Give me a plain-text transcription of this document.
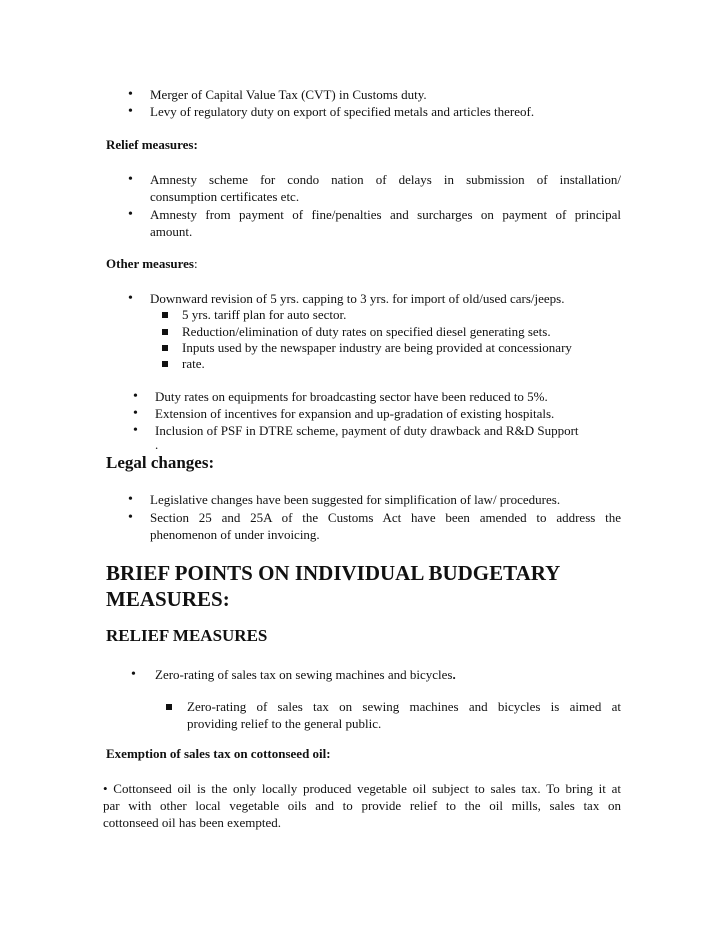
• Merger of Capital Value Tax (CVT) in Customs duty.
• Levy of regulatory duty on export of specified metals and articles thereof.
Relief measures:
• Amnesty scheme for condo nation of delays in submission of installation/
consumption certificates etc.
• Amnesty from payment of fine/penalties and surcharges on payment of principal
amount.
Other measures:
• Downward revision of 5 yrs. capping to 3 yrs. for import of old/used cars/jeeps.
5 yrs. tariff plan for auto sector.
Reduction/elimination of duty rates on specified diesel generating sets.
Inputs used by the newspaper industry are being provided at concessionary
rate.
• Duty rates on equipments for broadcasting sector have been reduced to 5%.
• Extension of incentives for expansion and up-gradation of existing hospitals.
• Inclusion of PSF in DTRE scheme, payment of duty drawback and R&D Support
.
Legal changes:
• Legislative changes have been suggested for simplification of law/ procedures.
• Section 25 and 25A of the Customs Act have been amended to address the
phenomenon of under invoicing.
BRIEF POINTS ON INDIVIDUAL BUDGETARY
MEASURES:
RELIEF MEASURES
• Zero-rating of sales tax on sewing machines and bicycles.
Zero-rating of sales tax on sewing machines and bicycles is aimed at
providing relief to the general public.
Exemption of sales tax on cottonseed oil:
• Cottonseed oil is the only locally produced vegetable oil subject to sales tax. To bring it at
par with other local vegetable oils and to provide relief to the oil mills, sales tax on
cottonseed oil has been exempted.
